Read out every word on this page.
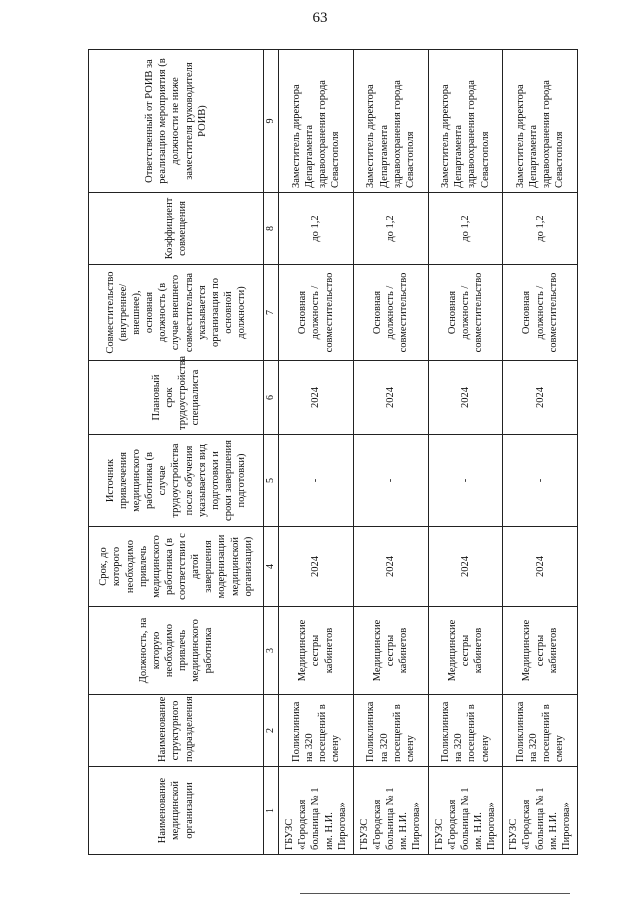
63
Наименование медицинской организации	Наименование структурного подразделения	Должность, на которую необходимо привлечь медицинского работника	Срок, до которого необходимо привлечь медицинского работника (в соответствии с датой завершения модернизации медицинской организации)	Источник привлечения медицинского работника (в случае трудоустройства после обучения указывается вид подготовки и сроки завершения подготовки)	Плановый срок трудоустройства специалиста	Совместительство (внутреннее/внешнее), основная должность (в случае внешнего совместительства указывается организация по основной должности)	Коэффициент совмещения	Ответственный от РОИВ за реализацию мероприятия (в должности не ниже заместителя руководителя РОИВ)
1	2	3	4	5	6	7	8	9
ГБУЗС «Городская больница № 1 им. Н.И. Пирогова»	Поликлиника на 320 посещений в смену	Медицинские сестры кабинетов	2024	-	2024	Основная должность / совместительство	до 1,2	Заместитель директора Департамента здравоохранения города Севастополя
ГБУЗС «Городская больница № 1 им. Н.И. Пирогова»	Поликлиника на 320 посещений в смену	Медицинские сестры кабинетов	2024	-	2024	Основная должность / совместительство	до 1,2	Заместитель директора Департамента здравоохранения города Севастополя
ГБУЗС «Городская больница № 1 им. Н.И. Пирогова»	Поликлиника на 320 посещений в смену	Медицинские сестры кабинетов	2024	-	2024	Основная должность / совместительство	до 1,2	Заместитель директора Департамента здравоохранения города Севастополя
ГБУЗС «Городская больница № 1 им. Н.И. Пирогова»	Поликлиника на 320 посещений в смену	Медицинские сестры кабинетов	2024	-	2024	Основная должность / совместительство	до 1,2	Заместитель директора Департамента здравоохранения города Севастополя
